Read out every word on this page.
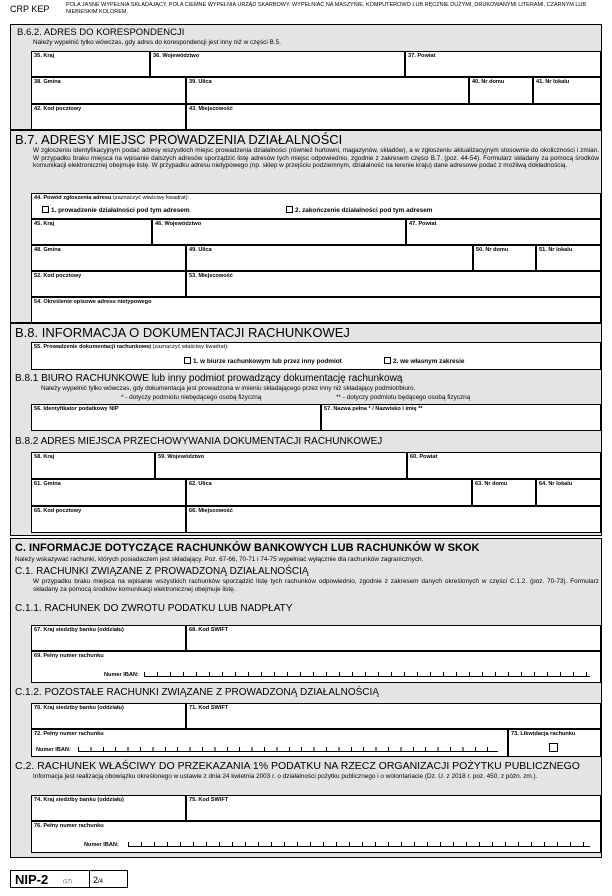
CRP KEP	POLA JASNE WYPEŁNIA SKŁADAJĄCY, POLA CIEMNE WYPEŁNIA URZĄD SKARBOWY. WYPEŁNIAĆ NA MASZYNIE, KOMPUTEROWO LUB RĘCZNIE DUŻYMI, DRUKOWANYMI LITERAMI, CZARNYM LUB NIEBIESKIM KOLOREM.
B.6.2. ADRES DO KORESPONDENCJI
Należy wypełnić tylko wówczas, gdy adres do korespondencji jest inny niż w części B.5.
35. Kraj	36. Województwo	37. Powiat
38. Gmina	39. Ulica	40. Nr domu	41. Nr lokalu
42. Kod pocztowy	43. Miejscowość
B.7. ADRESY MIEJSC PROWADZENIA DZIAŁALNOŚCI
W zgłoszeniu identyfikacyjnym podać adresy wszystkich miejsc prowadzenia działalności (również hurtowni, magazynów, składów), a w zgłoszeniu aktualizacyjnym stosownie do okoliczności i zmian. W przypadku braku miejsca na wpisanie dalszych adresów sporządzić listę adresów tych miejsc odpowiednio, zgodnie z zakresem części B.7. (poz. 44-54). Formularz składany za pomocą środków komunikacji elektronicznej obejmuje listę. W przypadku adresu nietypowego (np. sklep w przejściu podziemnym, działalność na terenie kraju) dane adresowe podać z możliwą dokładnością.
44. Powód zgłoszenia adresu (zaznaczyć właściwy kwadrat):
1. prowadzenie działalności pod tym adresem	2. zakończenie działalności pod tym adresem
45. Kraj	46. Województwo	47. Powiat
48. Gmina	49. Ulica	50. Nr domu	51. Nr lokalu
52. Kod pocztowy	53. Miejscowość
54. Określenie opisowe adresu nietypowego
B.8. INFORMACJA O DOKUMENTACJI RACHUNKOWEJ
55. Prowadzenie dokumentacji rachunkowej (zaznaczyć właściwy kwadrat):
1. w biurze rachunkowym lub przez inny podmiot	2. we własnym zakresie
B.8.1 BIURO RACHUNKOWE lub inny podmiot prowadzący dokumentację rachunkową
Należy wypełnić tylko wówczas, gdy dokumentacja jest prowadzona w imieniu składającego przez inny niż składający podmiot/biuro.
* - dotyczy podmiotu niebędącego osobą fizyczną	** - dotyczy podmiotu będącego osobą fizyczną
56. Identyfikator podatkowy NIP	57. Nazwa pełna * / Nazwisko i imię **
B.8.2 ADRES MIEJSCA PRZECHOWYWANIA DOKUMENTACJI RACHUNKOWEJ
58. Kraj	59. Województwo	60. Powiat
61. Gmina	62. Ulica	63. Nr domu	64. Nr lokalu
65. Kod pocztowy	66. Miejscowość
C. INFORMACJE DOTYCZĄCE RACHUNKÓW BANKOWYCH LUB RACHUNKÓW W SKOK
Należy wskazywać rachunki, których posiadaczem jest składający. Poz. 67-66, 70-71 i 74-75 wypełniać wyłącznie dla rachunków zagranicznych.
C.1. RACHUNKI ZWIĄZANE Z PROWADZONĄ DZIAŁALNOŚCIĄ
W przypadku braku miejsca na wpisanie wszystkich rachunków sporządzić listę tych rachunków odpowiednio, zgodnie z zakresem danych określonych w części C.1.2. (poz. 70-73). Formularz składany za pomocą środków komunikacji elektronicznej obejmuje listę.
C.1.1. RACHUNEK DO ZWROTU PODATKU LUB NADPŁATY
67. Kraj siedziby banku (oddziału)	68. Kod SWIFT
69. Pełny numer rachunku
Numer IBAN:
C.1.2. POZOSTAŁE RACHUNKI ZWIĄZANE Z PROWADZONĄ DZIAŁALNOŚCIĄ
70. Kraj siedziby banku (oddziału)	71. Kod SWIFT
72. Pełny numer rachunku
Numer IBAN:
73. Likwidacja rachunku
C.2. RACHUNEK WŁAŚCIWY DO PRZEKAZANIA 1% PODATKU NA RZECZ ORGANIZACJI POŻYTKU PUBLICZNEGO
Informacja jest realizacją obowiązku określonego w ustawie z dnia 24 kwietnia 2003 r. o działalności pożytku publicznego i o wolontariacie (Dz. U. z 2018 r. poz. 450, z późn. zm.).
74. Kraj siedziby banku (oddziału)	75. Kod SWIFT
76. Pełny numer rachunku
Numer IBAN:
NIP-2	(17) 2/4
